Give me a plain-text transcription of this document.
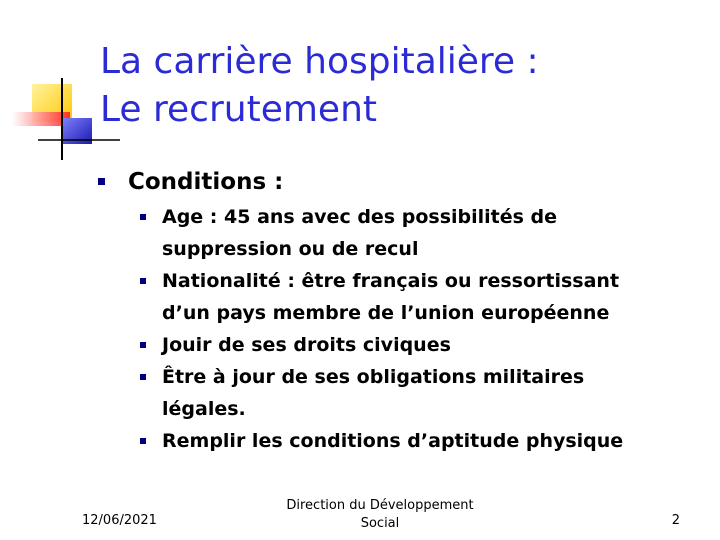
La carrière hospitalière :
Le recrutement
Conditions :
Age : 45 ans avec des possibilités de
suppression ou de recul
Nationalité : être français ou ressortissant
d’un pays membre de l’union européenne
Jouir de ses droits civiques
Être à jour de ses obligations militaires
légales.
Remplir les conditions d’aptitude physique
12/06/2021
Direction du Développement
Social	2
